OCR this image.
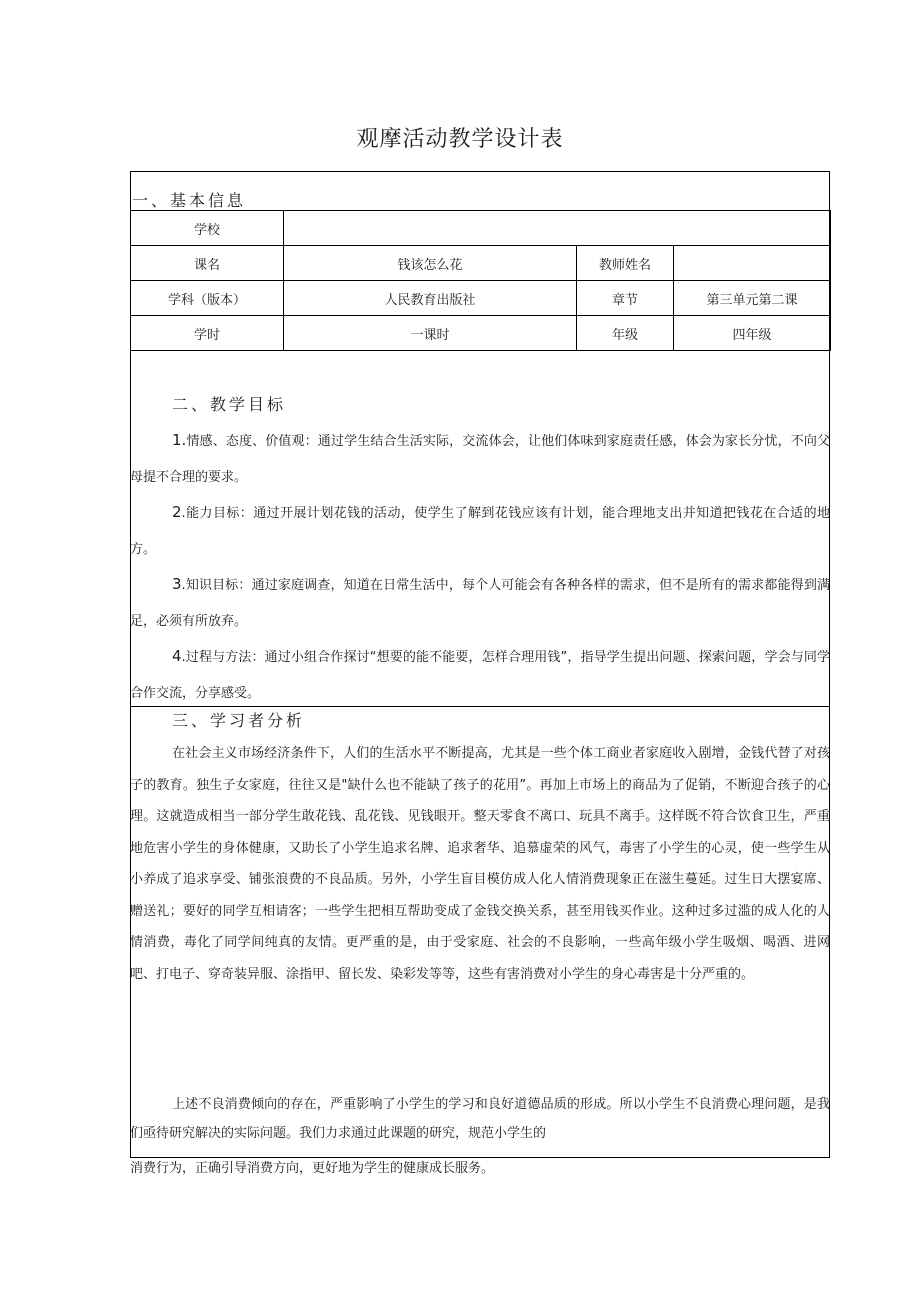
观摩活动教学设计表
一、基本信息
学校			
课名	钱该怎么花	教师姓名	
学科（版本）	人民教育出版社	章节	第三单元第二课
学时	一课时	年级	四年级
二、教学目标
1.情感、态度、价值观：通过学生结合生活实际，交流体会，让他们体味到家庭责任感，体会为家长分忧，不向父母提不合理的要求。
2.能力目标：通过开展计划花钱的活动，使学生了解到花钱应该有计划，能合理地支出并知道把钱花在合适的地方。
3.知识目标：通过家庭调查，知道在日常生活中，每个人可能会有各种各样的需求，但不是所有的需求都能得到满足，必须有所放弃。
4.过程与方法：通过小组合作探讨“想要的能不能要，怎样合理用钱”，指导学生提出问题、探索问题，学会与同学合作交流，分享感受。
三、学习者分析
在社会主义市场经济条件下，人们的生活水平不断提高，尤其是一些个体工商业者家庭收入剧增，金钱代替了对孩子的教育。独生子女家庭，往往又是"缺什么也不能缺了孩子的花用”。再加上市场上的商品为了促销，不断迎合孩子的心理。这就造成相当一部分学生敢花钱、乱花钱、见钱眼开。整天零食不离口、玩具不离手。这样既不符合饮食卫生，严重地危害小学生的身体健康，又助长了小学生追求名牌、追求奢华、追慕虚荣的风气，毒害了小学生的心灵，使一些学生从小养成了追求享受、铺张浪费的不良品质。另外，小学生盲目模仿成人化人情消费现象正在滋生蔓延。过生日大摆宴席、赠送礼；要好的同学互相请客；一些学生把相互帮助变成了金钱交换关系，甚至用钱买作业。这种过多过滥的成人化的人情消费，毒化了同学间纯真的友情。更严重的是，由于受家庭、社会的不良影响，一些高年级小学生吸烟、喝酒、进网吧、打电子、穿奇装异服、涂指甲、留长发、染彩发等等，这些有害消费对小学生的身心毒害是十分严重的。
上述不良消费倾向的存在，严重影响了小学生的学习和良好道德品质的形成。所以小学生不良消费心理问题，是我们亟待研究解决的实际问题。我们力求通过此课题的研究，规范小学生的
消费行为，正确引导消费方向，更好地为学生的健康成长服务。
